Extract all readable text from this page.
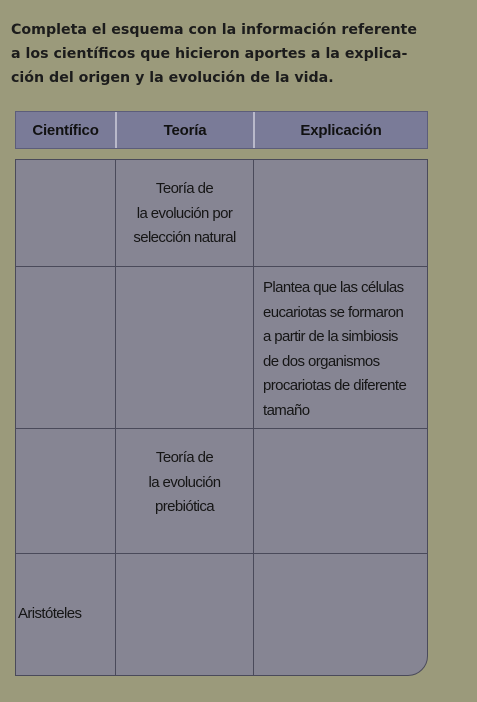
Completa el esquema con la información referente
a los científicos que hicieron aportes a la explica-
ción del origen y la evolución de la vida.
Científico	Teoría	Explicación
Teoría de
la evolución por
selección natural
Plantea que las células
eucariotas se formaron
a partir de la simbiosis
de dos organismos
procariotas de diferente
tamaño
Teoría de
la evolución
prebiótica
Aristóteles
